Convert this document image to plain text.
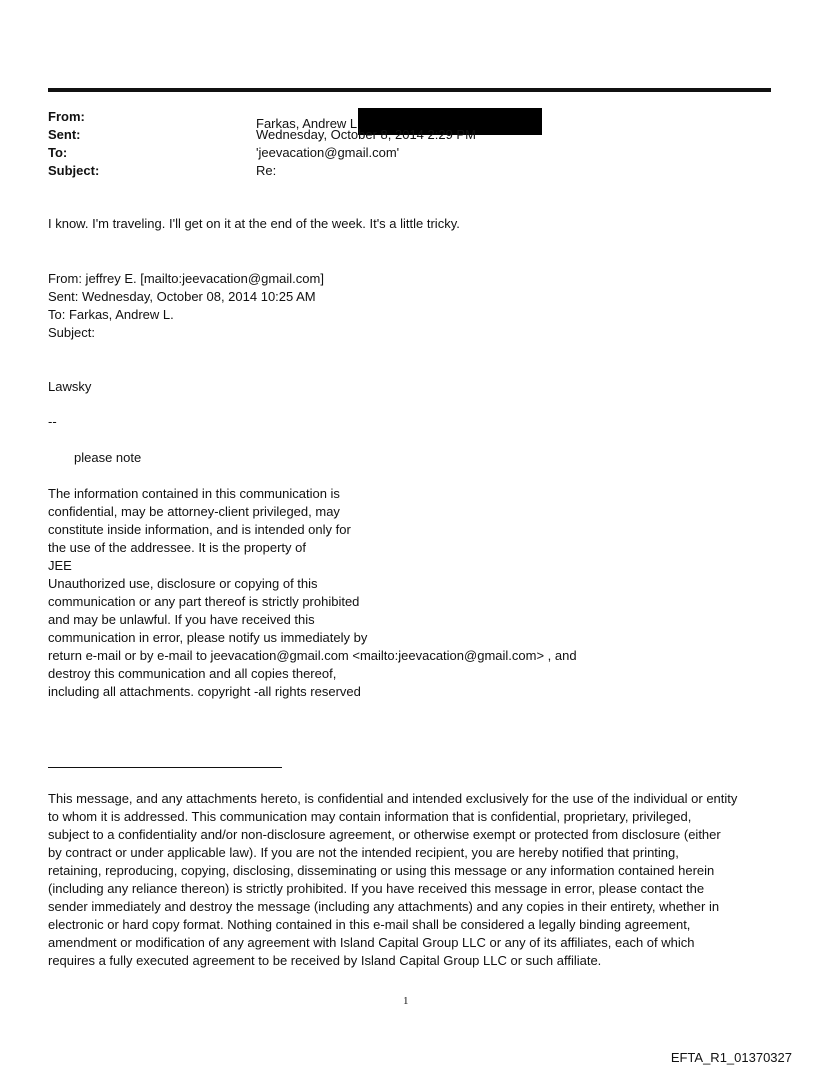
From:	Farkas, Andrew L
Sent:	Wednesday, October 8, 2014 2:29 PM
To:	'jeevacation@gmail.com'
Subject:	Re:
I know. I'm traveling. I'll get on it at the end of the week. It's a little tricky.
From: jeffrey E. [mailto:jeevacation@gmail.com]
Sent: Wednesday, October 08, 2014 10:25 AM
To: Farkas, Andrew L.
Subject:
Lawsky
--
please note
The information contained in this communication is
confidential, may be attorney-client privileged, may
constitute inside information, and is intended only for
the use of the addressee. It is the property of
JEE
Unauthorized use, disclosure or copying of this
communication or any part thereof is strictly prohibited
and may be unlawful. If you have received this
communication in error, please notify us immediately by
return e-mail or by e-mail to jeevacation@gmail.com <mailto:jeevacation@gmail.com> , and
destroy this communication and all copies thereof,
including all attachments. copyright -all rights reserved
This message, and any attachments hereto, is confidential and intended exclusively for the use of the individual or entity
to whom it is addressed. This communication may contain information that is confidential, proprietary, privileged,
subject to a confidentiality and/or non-disclosure agreement, or otherwise exempt or protected from disclosure (either
by contract or under applicable law). If you are not the intended recipient, you are hereby notified that printing,
retaining, reproducing, copying, disclosing, disseminating or using this message or any information contained herein
(including any reliance thereon) is strictly prohibited. If you have received this message in error, please contact the
sender immediately and destroy the message (including any attachments) and any copies in their entirety, whether in
electronic or hard copy format. Nothing contained in this e-mail shall be considered a legally binding agreement,
amendment or modification of any agreement with Island Capital Group LLC or any of its affiliates, each of which
requires a fully executed agreement to be received by Island Capital Group LLC or such affiliate.
1
EFTA_R1_01370327
